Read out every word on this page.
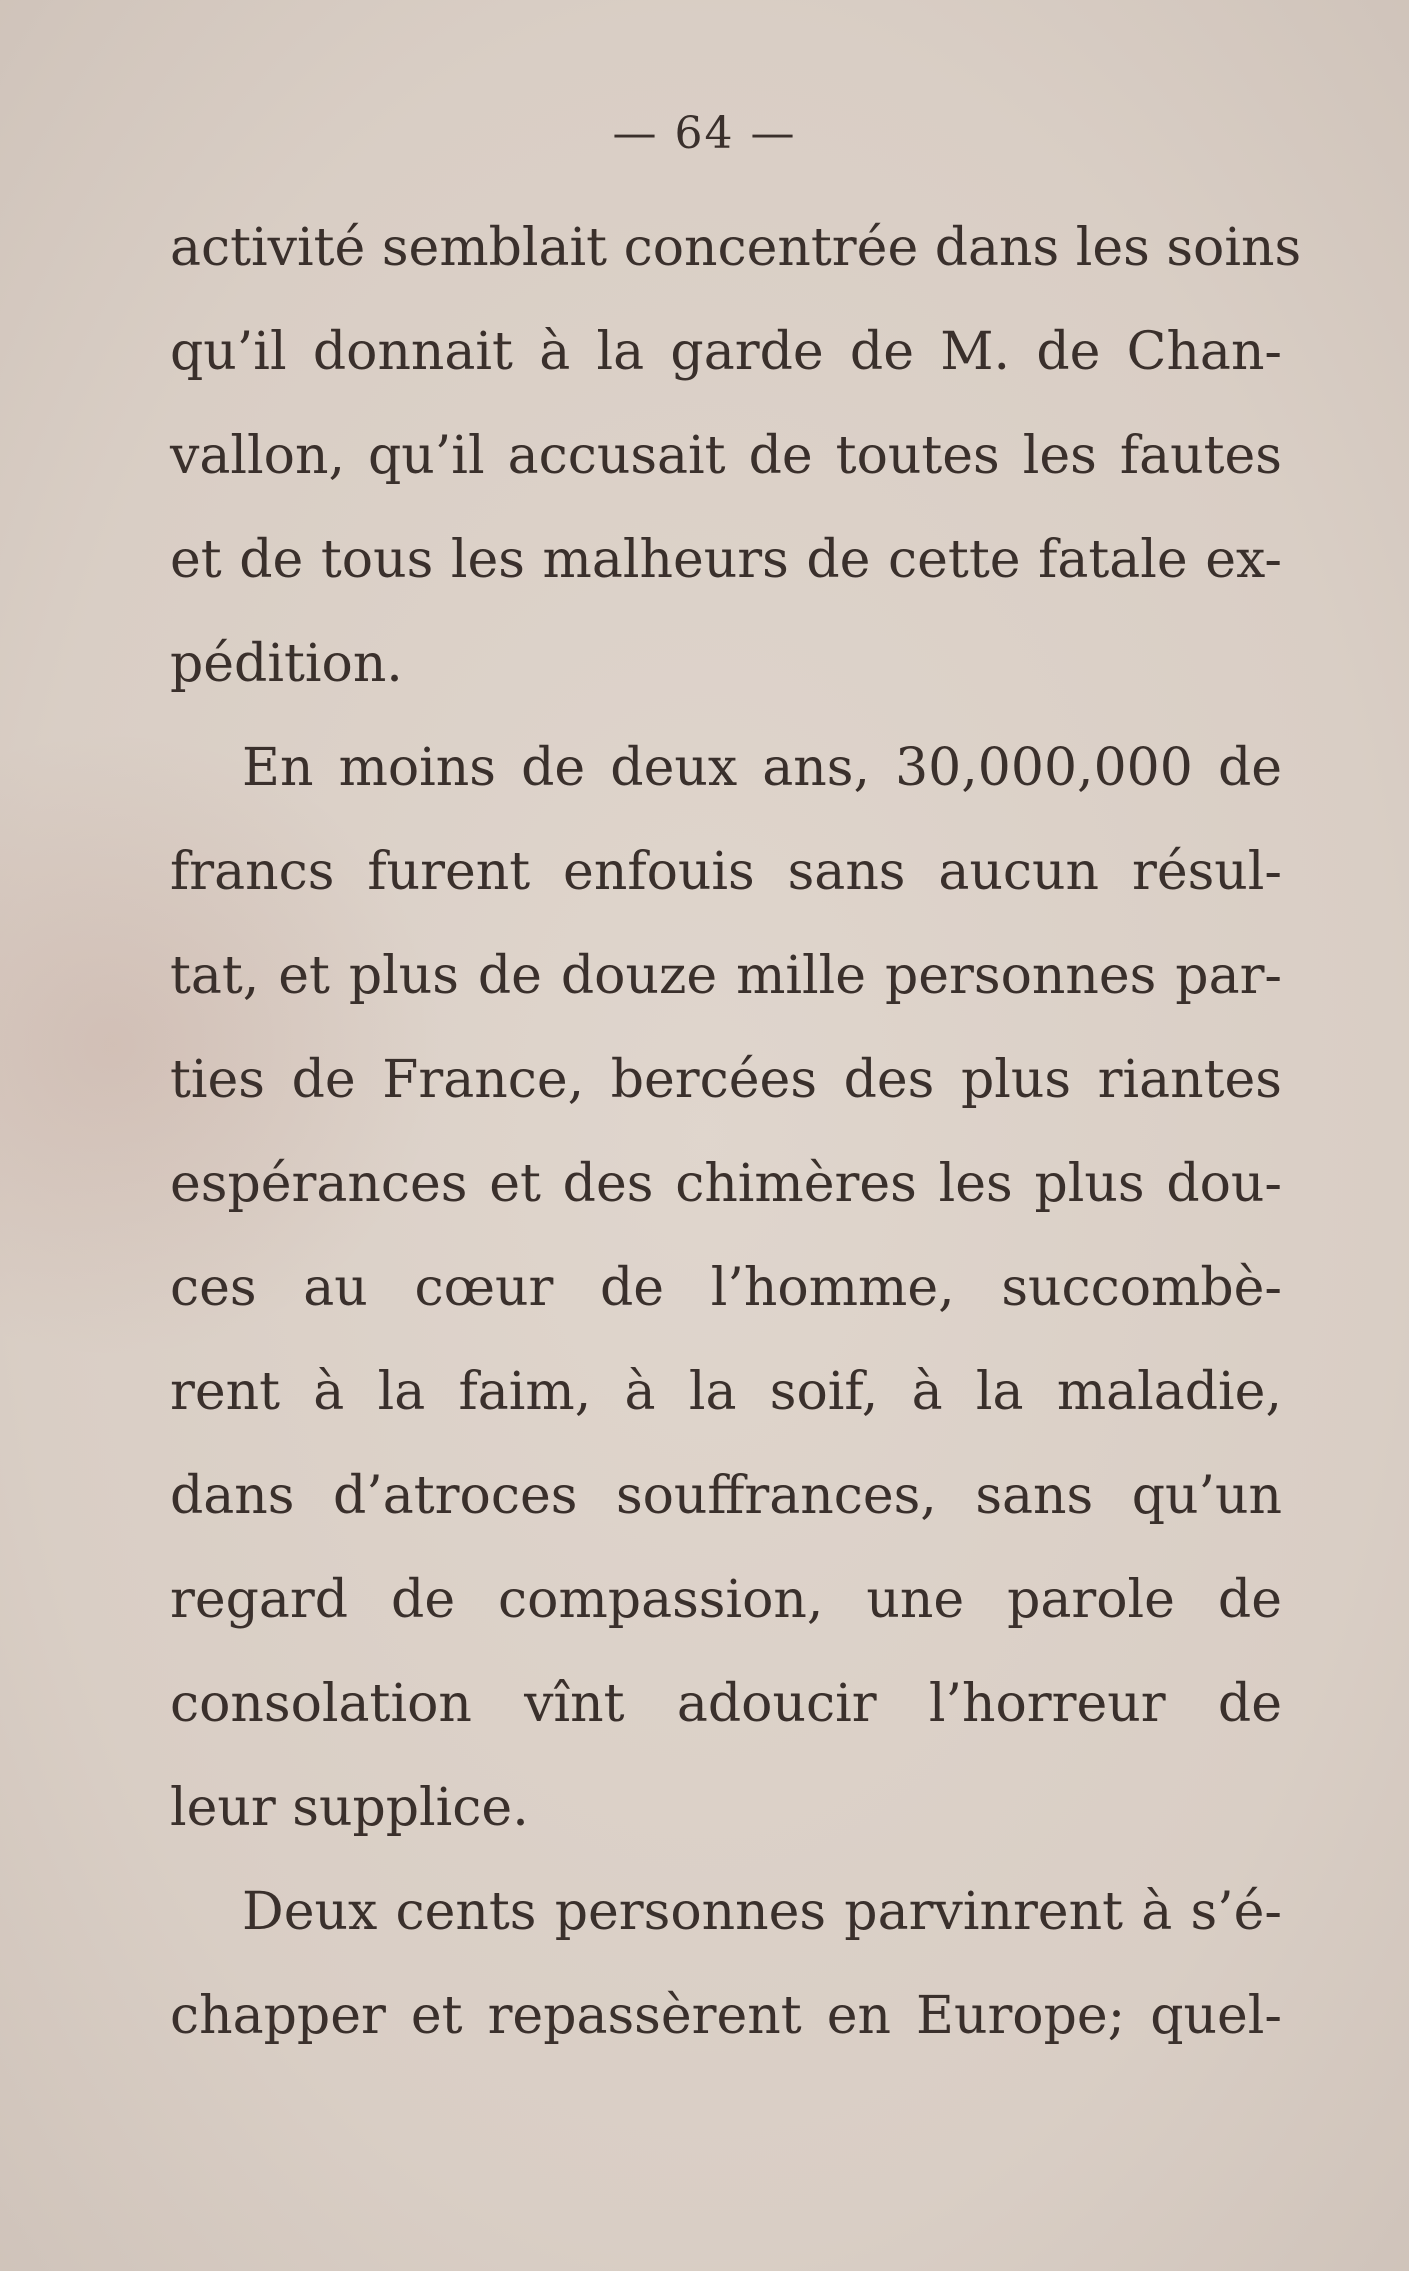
— 64 —
activité semblait concentrée dans les soins
qu’il donnait à la garde de M. de Chan-
vallon, qu’il accusait de toutes les fautes
et de tous les malheurs de cette fatale ex-
pédition.
En moins de deux ans, 30,000,000 de
francs furent enfouis sans aucun résul-
tat, et plus de douze mille personnes par-
ties de France, bercées des plus riantes
espérances et des chimères les plus dou-
ces au cœur de l’homme, succombè-
rent à la faim, à la soif, à la maladie,
dans d’atroces souffrances, sans qu’un
regard de compassion, une parole de
consolation vînt adoucir l’horreur de
leur supplice.
Deux cents personnes parvinrent à s’é-
chapper et repassèrent en Europe; quel-
